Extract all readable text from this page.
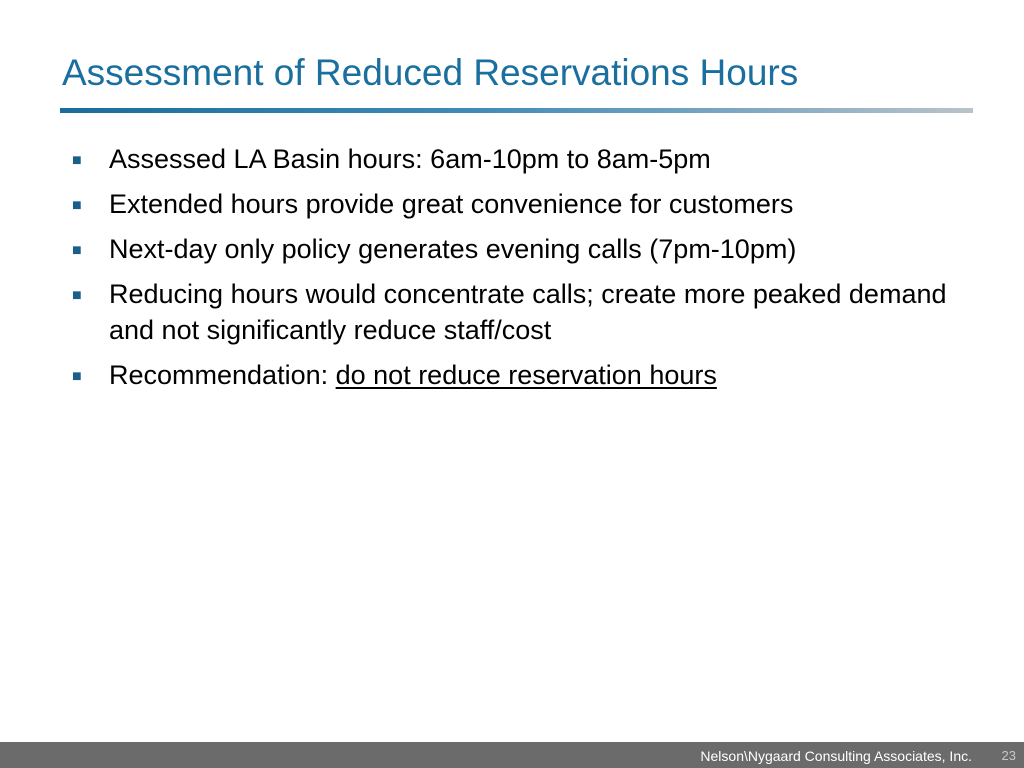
Assessment of Reduced Reservations Hours
■	Assessed LA Basin hours: 6am-10pm to 8am-5pm
■	Extended hours provide great convenience for customers
■	Next-day only policy generates evening calls (7pm-10pm)
■	Reducing hours would concentrate calls; create more peaked demand and not significantly reduce staff/cost
■	Recommendation: do not reduce reservation hours
Nelson\Nygaard Consulting Associates, Inc. 23
